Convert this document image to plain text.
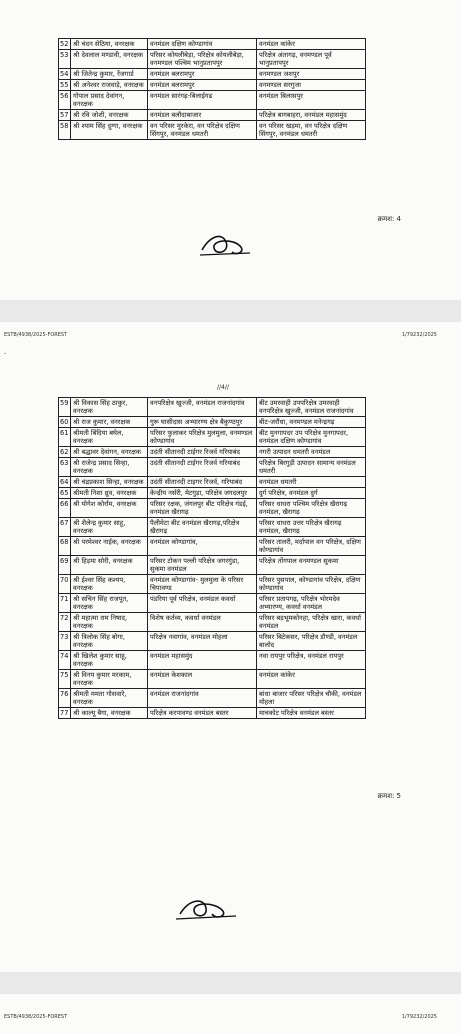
52	श्री चंदन सेठिया, वनरक्षक	वनमंडल दक्षिण कोण्डागांव	वनमंडल कांकेर
53	श्री देवलाल मण्डावी, वनरक्षक	परिसर कोयलीबेड़ा, परिक्षेत्र कोयलीबेड़ा, वनमण्डल पश्चिम भानुप्रतापपुर	परिक्षेत्र अंतागढ़, वनमण्डल पूर्व भानुप्रतापपुर
54	श्री जितेन्द्र कुमार, रेंजगार्ड	वनमंडल बलरामपुर	वनमण्डल जशपुर
55	श्री अनेश्वर राजवाड़े, वनरक्षक	वनमंडल बलरामपुर	वनमण्डल सरगुजा
56	गोपाल प्रसाद देवांगन, वनरक्षक	वनमंडल सारंगढ़-बिलाईगढ	वनमंडल बिलासपुर
57	श्री रवि जोशी, वनरक्षक	वनमंडल बलौदाबाजार	परिक्षेत्र बागबाहरा, वनमंडल महासमुंद
58	श्री श्याम सिंह दुग्गा, वनरक्षक	वन परिसर मुरकेरा, वन परिक्षेत्र दक्षिण सिंगपुर, वनमंडल धमतरी	वन परिसर खड़मा, वन परिक्षेत्र दक्षिण सिंगपुर, वनमंडल धमतरी
क्रमश: 4
ESTB/4938/2025-FOREST	1/79232/2025
-
//4//
59	श्री विकास सिंह ठाकुर, वनरक्षक	वनपरिक्षेत्र खुज्जी, वनमंडल राजनांदगांव	बीट उमरवाही उपपरिक्षेत्र उमरवाही वनपरिक्षेत्र खुज्जी, वनमंडल राजनांदगांव
60	श्री राज कुमार, वनरक्षक	गुरू घासीदास अभ्यारण्य क्षेत्र बैकुण्ठपुर	बीट-जरौंधा, वनमण्डल मनेन्द्रगढ़
61	श्रीमती बिंदिया बघेल, वनरक्षक	परिसर फुलाकर परिक्षेत्र मुलमुला, वनमण्डल कोण्डागांव	बीट मुनगापदर उप परिक्षेत्र मुनगापदर, वनमंडल दक्षिण कोण्डागांव
62	श्री बद्धावर देवांगन, वनरक्षक	उदंती सीतानदी टाईगर रिजर्व गरियाबंद	नगरी उत्पादन धमतरी वनमंडल
63	श्री राजेन्द्र प्रसाद सिन्हा, वनरक्षक	उदंती सीतानदी टाईगर रिजर्व गरियाबंद	परिक्षेत्र बिरगुड़ी उत्पादन सामान्य वनमंडल धमतरी
64	श्री चंद्रप्रकाश सिन्हा, वनरक्षक	उदंती सीतानदी टाइगर रिजर्व, गरियाबंद	वनमंडल धमतरी
65	श्रीमती निशा ध्रुव, वनरक्षक	केन्द्रीय नर्सरी, मेटगुड़ा, परिक्षेत्र जगदलपुर	दुर्ग परिक्षेत्र, वनमंडल दुर्ग
66	श्री योगेश कोर्राम, वनरक्षक	परिसर रक्षक, जंगलपुर बीट परिक्षेत्र गंडई, वनमंडल खैरागढ़	परिसर धाधरा पश्चिम परिक्षेत्र खैरागढ़ वनमंडल, खैरागढ़
67	श्री शैलेन्द्र कुमार साहू, वनरक्षक	पैलीमेटा बीट वनमंडल खैरागढ़,परिक्षेत्र खैरागढ़	परिसर धाधरा उत्तर परिक्षेत्र खैरागढ़ वनमंडल, खैरागढ़
68	श्री परमेश्वर नाईक, वनरक्षक	वनमंडल कोण्डागांव,	परिसर तालरी, मर्दापाल वन परिक्षेत्र, दक्षिण कोण्डागांव
69	श्री हिड़मा सोरी, वनरक्षक	परिसर टोकन पल्ली परिक्षेत्र जगरगुंडा, सुकमा वनमंडल	परिक्षेत्र तोंगपाल वनमण्डल सुकमा
70	श्री ईश्वर सिंह कश्यप, वनरक्षक	वनमंडल कोण्डागांव- मुलमुला के परिसर चिपावण्ड	परिसर पुसपाल, कोण्डागांव परिक्षेत्र, दक्षिण कोण्डागांव
71	श्री सचिन सिंह राजपूत, वनरक्षक	पंडरिया पूर्व परिक्षेत्र, वनमंडल कवर्धा	परिसर प्रतापगढ़, परिक्षेत्र भोरमदेव अभ्यारण्य, कवर्धा वनमंडल
72	श्री महात्मा राम निषाद, वनरक्षक	विशेष कर्तव्य, कवर्धा वनमंडल	परिसर बड़भूमकोनहा, परिक्षेत्र खारा, कवर्धा वनमंडल
73	श्री त्रिलोक सिंह बोगा, वनरक्षक	परिक्षेत्र नवागांव, वनमंडल मोहला	परिसर बिटेकसर, परिक्षेत्र डौण्डी, वनमंडल बालोद
74	श्री खिलेश कुमार साहू, वनरक्षक	वनमंडल महासमुंद	नवा रायपुर परिक्षेत्र, वनमंडल रायपुर
75	श्री विनय कुमार मरकाम, वनरक्षक	वनमंडल केशकाल	वनमंडल कांकेर
76	श्रीमती ममता गोसवारे, वनरक्षक	वनमंडल राजनांदगांव	बांधा बाजार परिसर परिक्षेत्र चौकी, वनमंडल मोहला
77	श्री काल्मू बैगा, वनरक्षक	परिक्षेत्र करपावण्ड वनमंडल बस्तर	माचकोट परिक्षेत्र वनमंडल बस्तर
क्रमश: 5
ESTB/4938/2025-FOREST	1/79232/2025
